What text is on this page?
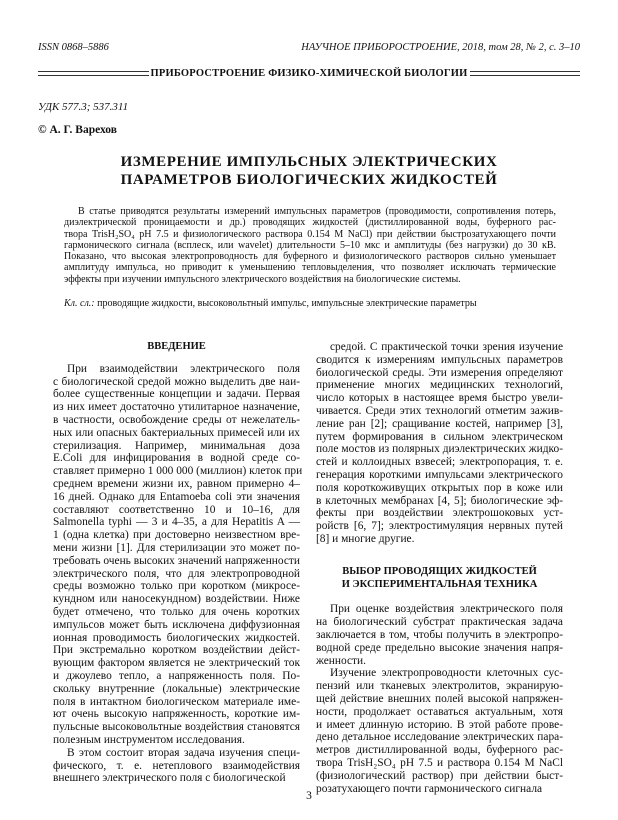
ISSN 0868–5886	НАУЧНОЕ ПРИБОРОСТРОЕНИЕ, 2018, том 28, № 2, с. 3–10
ПРИБОРОСТРОЕНИЕ ФИЗИКО-ХИМИЧЕСКОЙ БИОЛОГИИ
УДК 577.3; 537.311
© А. Г. Варехов
ИЗМЕРЕНИЕ ИМПУЛЬСНЫХ ЭЛЕКТРИЧЕСКИХ
ПАРАМЕТРОВ БИОЛОГИЧЕСКИХ ЖИДКОСТЕЙ
В статье приводятся результаты измерений импульсных параметров (проводимости, сопротивления потерь,
диэлектрической проницаемости и др.) проводящих жидкостей (дистиллированной воды, буферного рас-
твора TrisH₂SO₄ pH 7.5 и физиологического раствора 0.154 M NaCl) при действии быстрозатухающего почти
гармонического сигнала (всплеск, или wavelet) длительности 5–10 мкс и амплитуды (без нагрузки) до 30 кВ.
Показано, что высокая электропроводность для буферного и физиологического растворов сильно уменьшает
амплитуду импульса, но приводит к уменьшению тепловыделения, что позволяет исключать термические
эффекты при изучении импульсного электрического воздействия на биологические системы.
Кл. сл.: проводящие жидкости, высоковольтный импульс, импульсные электрические параметры
ВВЕДЕНИЕ
При взаимодействии электрического поля
с биологической средой можно выделить две наи-
более существенные концепции и задачи. Первая
из них имеет достаточно утилитарное назначение,
в частности, освобождение среды от нежелатель-
ных или опасных бактериальных примесей или их
стерилизация. Например, минимальная доза
E.Coli для инфицирования в водной среде со-
ставляет примерно 1 000 000 (миллион) клеток при
среднем времени жизни их, равном примерно 4–
16 дней. Однако для Entamoeba coli эти значения
составляют соответственно 10 и 10–16, для
Salmonella typhi — 3 и 4–35, а для Hepatitis A —
1 (одна клетка) при достоверно неизвестном вре-
мени жизни [1]. Для стерилизации это может по-
требовать очень высоких значений напряженности
электрического поля, что для электропроводной
среды возможно только при коротком (микросе-
кундном или наносекундном) воздействии. Ниже
будет отмечено, что только для очень коротких
импульсов может быть исключена диффузионная
ионная проводимость биологических жидкостей.
При экстремально коротком воздействии дейст-
вующим фактором является не электрический ток
и джоулево тепло, а напряженность поля. По-
скольку внутренние (локальные) электрические
поля в интактном биологическом материале име-
ют очень высокую напряженность, короткие им-
пульсные высоковольтные воздействия становятся
полезным инструментом исследования.
В этом состоит вторая задача изучения специ-
фического, т. е. нетеплового взаимодействия
внешнего электрического поля с биологической
средой. С практической точки зрения изучение
сводится к измерениям импульсных параметров
биологической среды. Эти измерения определяют
применение многих медицинских технологий,
число которых в настоящее время быстро увели-
чивается. Среди этих технологий отметим зажив-
ление ран [2]; сращивание костей, например [3],
путем формирования в сильном электрическом
поле мостов из полярных диэлектрических жидко-
стей и коллоидных взвесей; электропорация, т. е.
генерация короткими импульсами электрического
поля короткоживущих открытых пор в коже или
в клеточных мембранах [4, 5]; биологические эф-
фекты при воздействии электрошоковых уст-
ройств [6, 7]; электростимуляция нервных путей
[8] и многие другие.
ВЫБОР ПРОВОДЯЩИХ ЖИДКОСТЕЙ
И ЭКСПЕРИМЕНТАЛЬНАЯ ТЕХНИКА
При оценке воздействия электрического поля
на биологический субстрат практическая задача
заключается в том, чтобы получить в электропро-
водной среде предельно высокие значения напря-
женности.
Изучение электропроводности клеточных сус-
пензий или тканевых электролитов, экранирую-
щей действие внешних полей высокой напряжен-
ности, продолжает оставаться актуальным, хотя
и имеет длинную историю. В этой работе прове-
дено детальное исследование электрических пара-
метров дистиллированной воды, буферного рас-
твора TrisH₂SO₄ pH 7.5 и раствора 0.154 M NaCl
(физиологический раствор) при действии быст-
розатухающего почти гармонического сигнала
3
